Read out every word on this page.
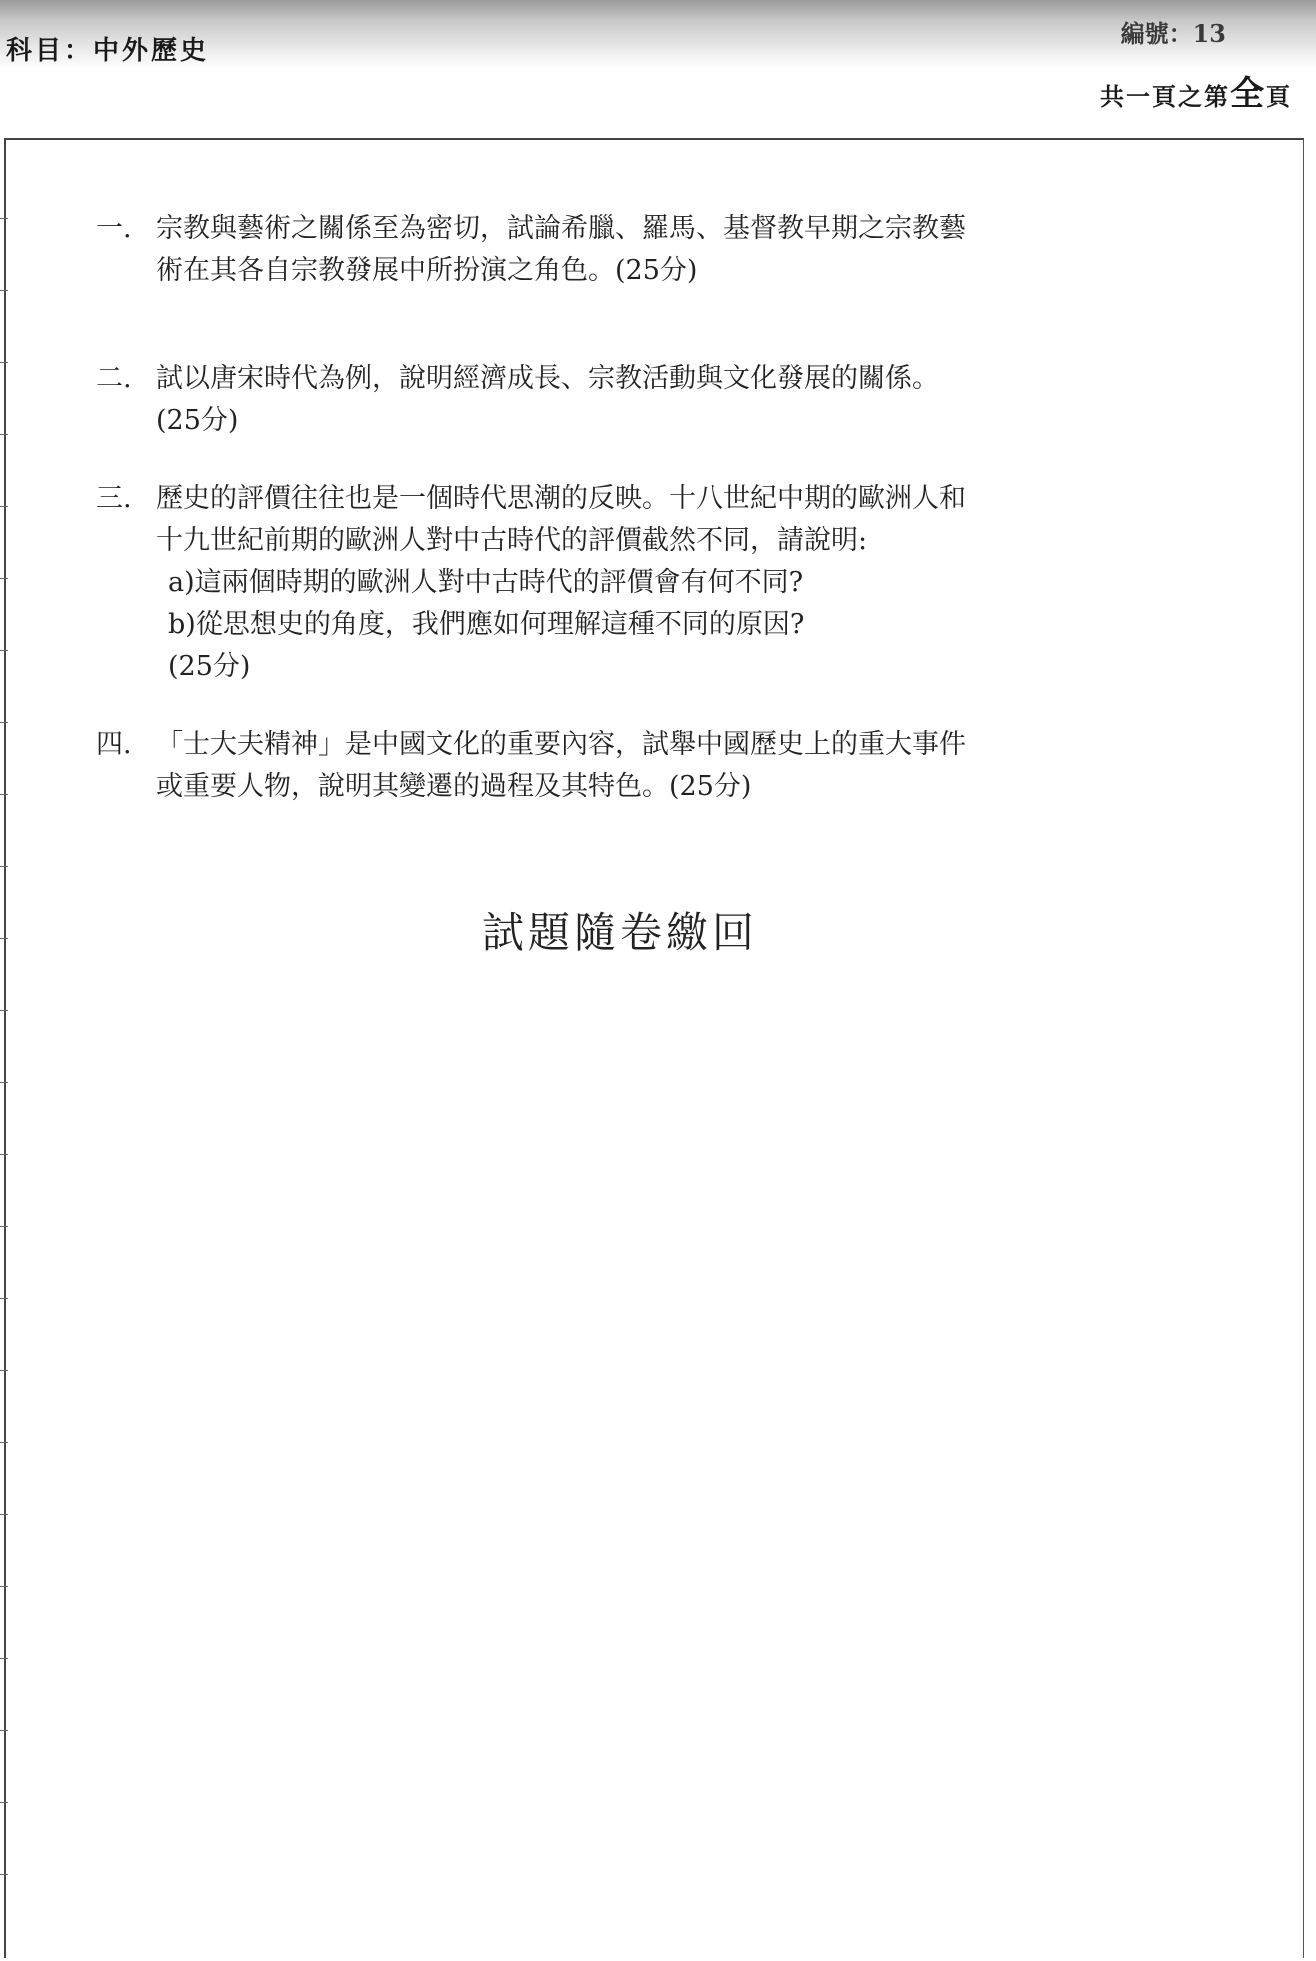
科目：中外歷史
編號：13
共一頁之第全頁
一. 宗教與藝術之關係至為密切，試論希臘、羅馬、基督教早期之宗教藝

術在其各自宗教發展中所扮演之角色。(25分)

二. 試以唐宋時代為例，說明經濟成長、宗教活動與文化發展的關係。

(25分)

三. 歷史的評價往往也是一個時代思潮的反映。十八世紀中期的歐洲人和

十九世紀前期的歐洲人對中古時代的評價截然不同，請說明:

a)這兩個時期的歐洲人對中古時代的評價會有何不同?

b)從思想史的角度，我們應如何理解這種不同的原因?

(25分)

四. 「士大夫精神」是中國文化的重要內容，試舉中國歷史上的重大事件

或重要人物，說明其變遷的過程及其特色。(25分)

試題隨卷繳回
